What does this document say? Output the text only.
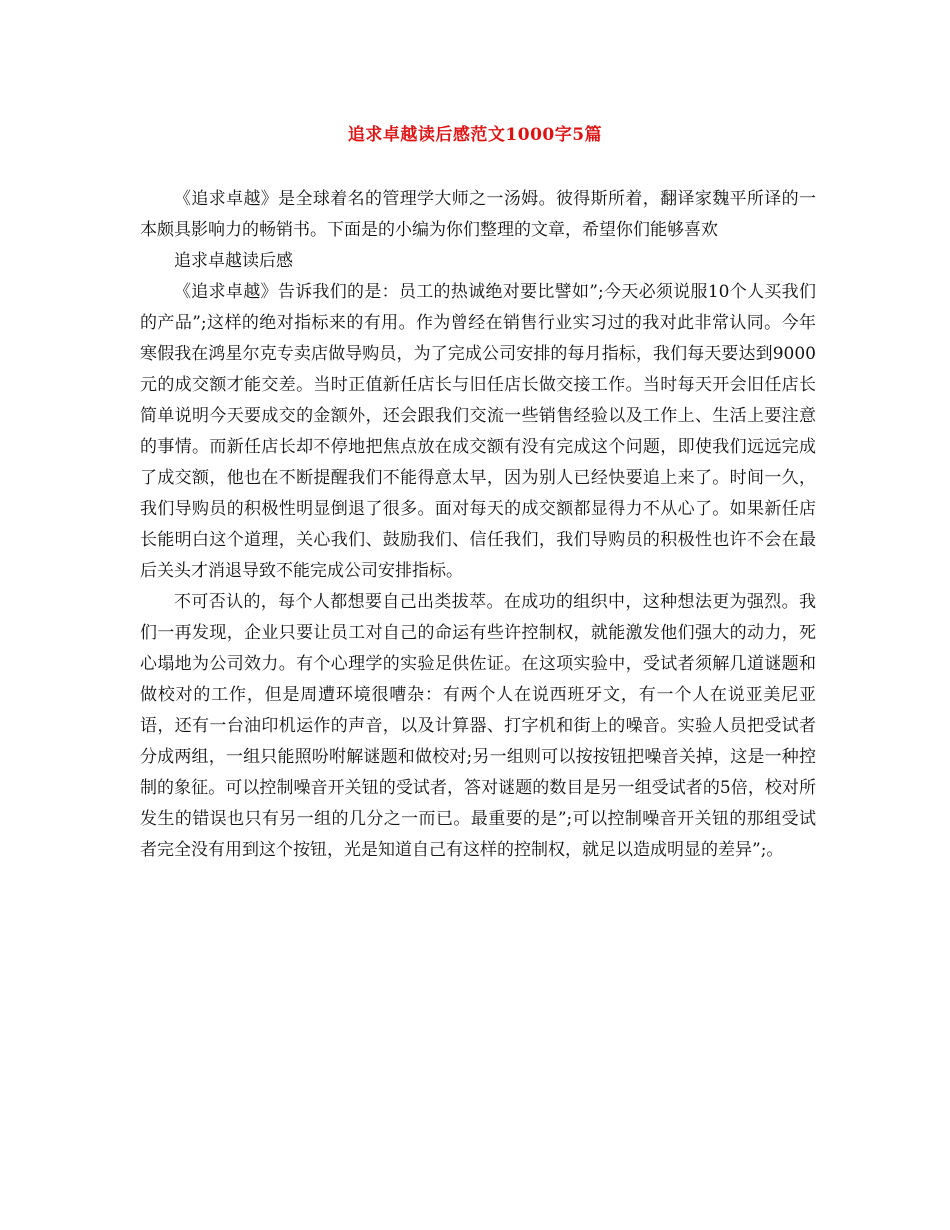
追求卓越读后感范文1000字5篇

《追求卓越》是全球着名的管理学大师之一汤姆。彼得斯所着，翻译家魏平所译的一本颇具影响力的畅销书。下面是的小编为你们整理的文章，希望你们能够喜欢

追求卓越读后感

《追求卓越》告诉我们的是：员工的热诚绝对要比譬如”;今天必须说服10个人买我们的产品”;这样的绝对指标来的有用。作为曾经在销售行业实习过的我对此非常认同。今年寒假我在鸿星尔克专卖店做导购员，为了完成公司安排的每月指标，我们每天要达到9000元的成交额才能交差。当时正值新任店长与旧任店长做交接工作。当时每天开会旧任店长简单说明今天要成交的金额外，还会跟我们交流一些销售经验以及工作上、生活上要注意的事情。而新任店长却不停地把焦点放在成交额有没有完成这个问题，即使我们远远完成了成交额，他也在不断提醒我们不能得意太早，因为别人已经快要追上来了。时间一久，我们导购员的积极性明显倒退了很多。面对每天的成交额都显得力不从心了。如果新任店长能明白这个道理，关心我们、鼓励我们、信任我们，我们导购员的积极性也许不会在最后关头才消退导致不能完成公司安排指标。

不可否认的，每个人都想要自己出类拔萃。在成功的组织中，这种想法更为强烈。我们一再发现，企业只要让员工对自己的命运有些许控制权，就能激发他们强大的动力，死心塌地为公司效力。有个心理学的实验足供佐证。在这项实验中，受试者须解几道谜题和做校对的工作，但是周遭环境很嘈杂：有两个人在说西班牙文，有一个人在说亚美尼亚语，还有一台油印机运作的声音，以及计算器、打字机和街上的噪音。实验人员把受试者分成两组，一组只能照吩咐解谜题和做校对;另一组则可以按按钮把噪音关掉，这是一种控制的象征。可以控制噪音开关钮的受试者，答对谜题的数目是另一组受试者的5倍，校对所发生的错误也只有另一组的几分之一而已。最重要的是”;可以控制噪音开关钮的那组受试者完全没有用到这个按钮，光是知道自己有这样的控制权，就足以造成明显的差异”;。
